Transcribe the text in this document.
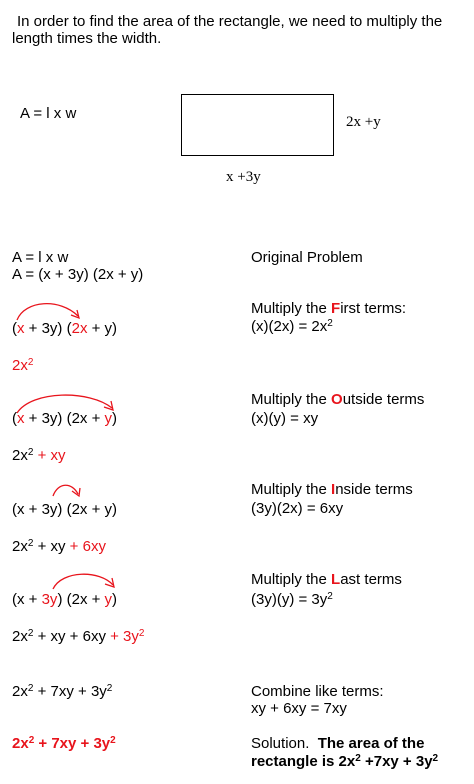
In order to find the area of the rectangle, we need to multiply the
length times the width.
A = l x w	2x +y
x +3y
A = l x w
A = (x + 3y) (2x + y)
Original Problem
(x + 3y) (2x + y)
Multiply the First terms:
$(x)(2x) = 2x^2$
$2x^2$
(x + 3y) (2x + y)
Multiply the Outside terms
(x)(y) = xy
$2x^2$ + xy
(x + 3y) (2x + y)
Multiply the Inside terms
(3y)(2x) = 6xy
$2x^2$ + xy + 6xy
(x + 3y) (2x + y)
Multiply the Last terms
$(3y)(y) = 3y^2$
$2x^2$ + xy + $6xy + 3y^2$
$2x^2 + 7xy + 3y^2$	Combine like terms:
xy + 6xy = 7xy
$2x^2 + 7xy + 3y^2$	Solution. The area of the
rectangle is $2x^2 +7xy + 3y^2$
